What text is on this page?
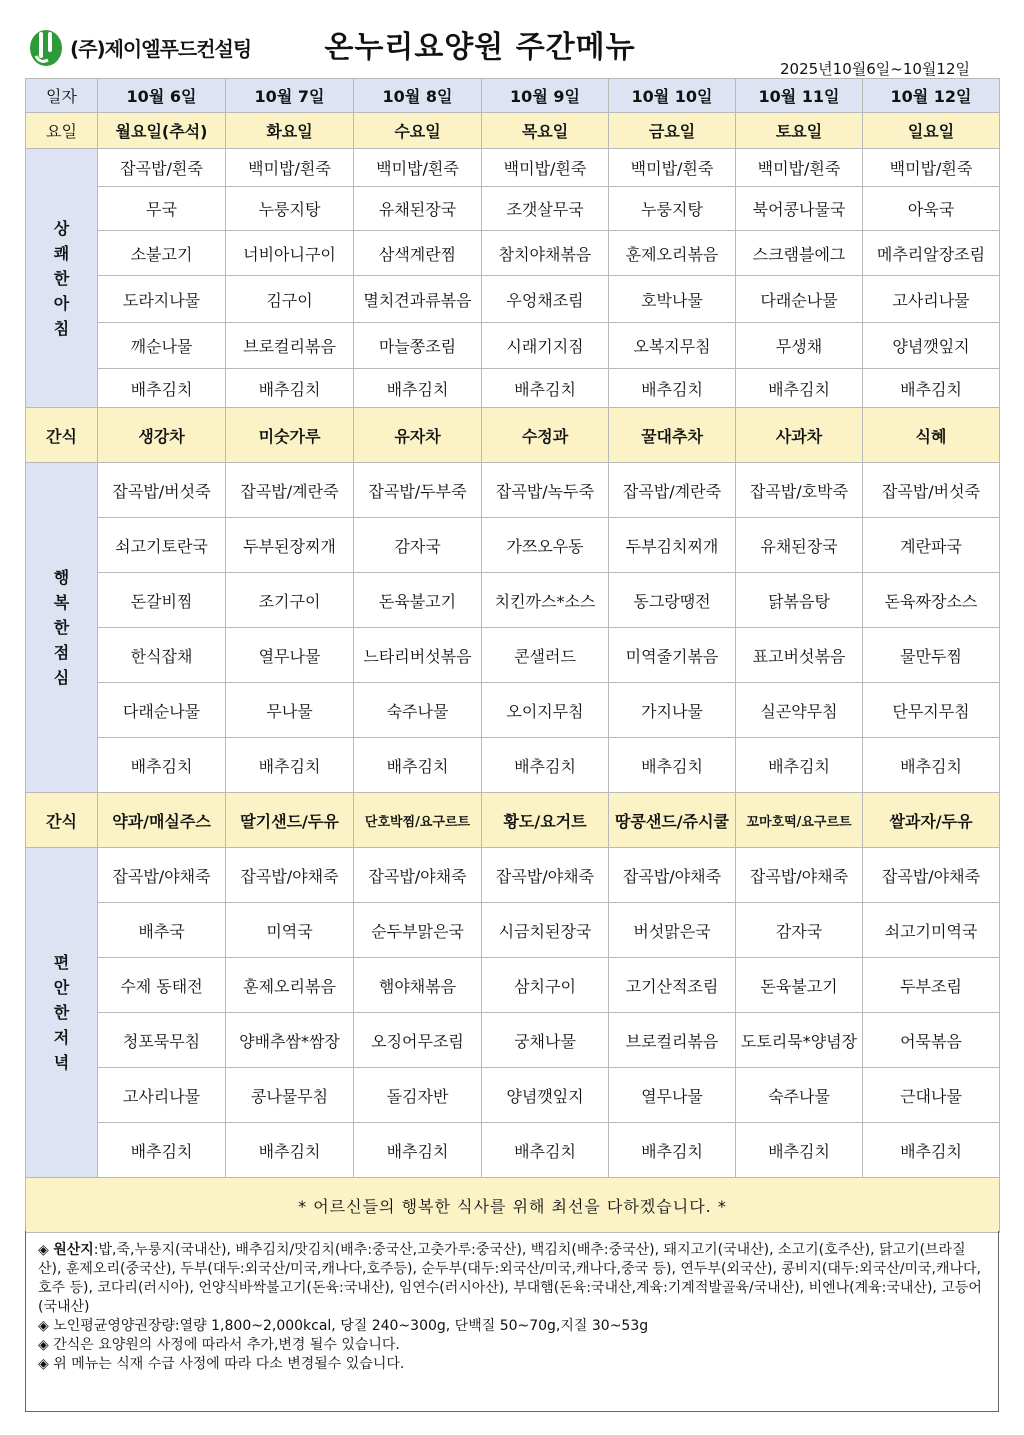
(주)제이엘푸드컨설팅	온누리요양원 주간메뉴
2025년10월6일~10월12일
일자	10월 6일	10월 7일	10월 8일	10월 9일	10월 10일	10월 11일	10월 12일
요일	월요일(추석)	화요일	수요일	목요일	금요일	토요일	일요일

상
쾌
한
아
침	잡곡밥/흰죽	백미밥/흰죽	백미밥/흰죽	백미밥/흰죽	백미밥/흰죽	백미밥/흰죽	백미밥/흰죽
	무국	누룽지탕	유채된장국	조갯살무국	누룽지탕	북어콩나물국	아욱국
	소불고기	너비아니구이	삼색계란찜	참치야채볶음	훈제오리볶음	스크램블에그	메추리알장조림
	도라지나물	김구이	멸치견과류볶음	우엉채조림	호박나물	다래순나물	고사리나물
	깨순나물	브로컬리볶음	마늘쫑조림	시래기지짐	오복지무침	무생채	양념깻잎지
	배추김치	배추김치	배추김치	배추김치	배추김치	배추김치	배추김치
간식	생강차	미숫가루	유자차	수정과	꿀대추차	사과차	식혜

행
복
한
점
심	잡곡밥/버섯죽	잡곡밥/계란죽	잡곡밥/두부죽	잡곡밥/녹두죽	잡곡밥/계란죽	잡곡밥/호박죽	잡곡밥/버섯죽
	쇠고기토란국	두부된장찌개	감자국	가쯔오우동	두부김치찌개	유채된장국	계란파국
	돈갈비찜	조기구이	돈육불고기	치킨까스*소스	동그랑땡전	닭볶음탕	돈육짜장소스
	한식잡채	열무나물	느타리버섯볶음	콘샐러드	미역줄기볶음	표고버섯볶음	물만두찜
	다래순나물	무나물	숙주나물	오이지무침	가지나물	실곤약무침	단무지무침
	배추김치	배추김치	배추김치	배추김치	배추김치	배추김치	배추김치
간식	약과/매실주스	딸기샌드/두유	단호박찜/요구르트	황도/요거트	땅콩샌드/쥬시쿨	꼬마호떡/요구르트	쌀과자/두유

편
안
한
저
녁	잡곡밥/야채죽	잡곡밥/야채죽	잡곡밥/야채죽	잡곡밥/야채죽	잡곡밥/야채죽	잡곡밥/야채죽	잡곡밥/야채죽
	배추국	미역국	순두부맑은국	시금치된장국	버섯맑은국	감자국	쇠고기미역국
	수제 동태전	훈제오리볶음	햄야채볶음	삼치구이	고기산적조림	돈육불고기	두부조림
	청포묵무침	양배추쌈*쌈장	오징어무조림	궁채나물	브로컬리볶음	도토리묵*양념장	어묵볶음
	고사리나물	콩나물무침	돌김자반	양념깻잎지	열무나물	숙주나물	근대나물
	배추김치	배추김치	배추김치	배추김치	배추김치	배추김치	배추김치
* 어르신들의 행복한 식사를 위해 최선을 다하겠습니다. *							

◈ 원산지:밥,죽,누룽지(국내산), 배추김치/맛김치(배추:중국산,고춧가루:중국산), 백김치(배추:중국산), 돼지고기(국내산), 소고기(호주산), 닭고기(브라질산), 훈제오리(중국산), 두부(대두:외국산/미국,캐나다,호주등), 순두부(대두:외국산/미국,캐나다,중국 등), 연두부(외국산), 콩비지(대두:외국산/미국,캐나다,호주 등), 코다리(러시아), 언양식바싹불고기(돈육:국내산), 임연수(러시아산), 부대햄(돈육:국내산,계육:기계적발골육/국내산), 비엔나(계육:국내산), 고등어(국내산)

◈ 노인평균영양권장량:열량 1,800~2,000kcal, 당질 240~300g, 단백질 50~70g,지질 30~53g

◈ 간식은 요양원의 사정에 따라서 추가,변경 될수 있습니다.

◈ 위 메뉴는 식재 수급 사정에 따라 다소 변경될수 있습니다.
